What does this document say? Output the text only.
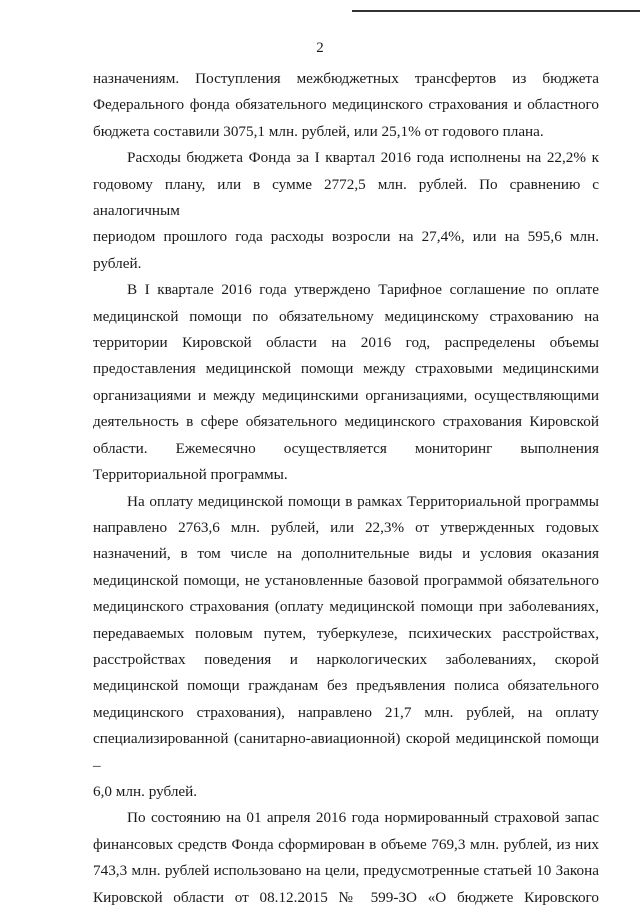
2
назначениям. Поступления межбюджетных трансфертов из бюджета
Федерального фонда обязательного медицинского страхования и областного
бюджета составили 3075,1 млн. рублей, или 25,1% от годового плана.
Расходы бюджета Фонда за I квартал 2016 года исполнены на 22,2% к
годовому плану, или в сумме 2772,5 млн. рублей. По сравнению с аналогичным
периодом прошлого года расходы возросли на 27,4%, или на 595,6 млн. рублей.
В I квартале 2016 года утверждено Тарифное соглашение по оплате
медицинской помощи по обязательному медицинскому страхованию на
территории Кировской области на 2016 год, распределены объемы
предоставления медицинской помощи между страховыми медицинскими
организациями и между медицинскими организациями, осуществляющими
деятельность в сфере обязательного медицинского страхования Кировской
области. Ежемесячно осуществляется мониторинг выполнения
Территориальной программы.
На оплату медицинской помощи в рамках Территориальной программы
направлено 2763,6 млн. рублей, или 22,3% от утвержденных годовых
назначений, в том числе на дополнительные виды и условия оказания
медицинской помощи, не установленные базовой программой обязательного
медицинского страхования (оплату медицинской помощи при заболеваниях,
передаваемых половым путем, туберкулезе, психических расстройствах,
расстройствах поведения и наркологических заболеваниях, скорой
медицинской помощи гражданам без предъявления полиса обязательного
медицинского страхования), направлено 21,7 млн. рублей, на оплату
специализированной (санитарно-авиационной) скорой медицинской помощи –
6,0 млн. рублей.
По состоянию на 01 апреля 2016 года нормированный страховой запас
финансовых средств Фонда сформирован в объеме 769,3 млн. рублей, из них
743,3 млн. рублей использовано на цели, предусмотренные статьей 10 Закона
Кировской области от 08.12.2015 № 599-ЗО «О бюджете Кировского
